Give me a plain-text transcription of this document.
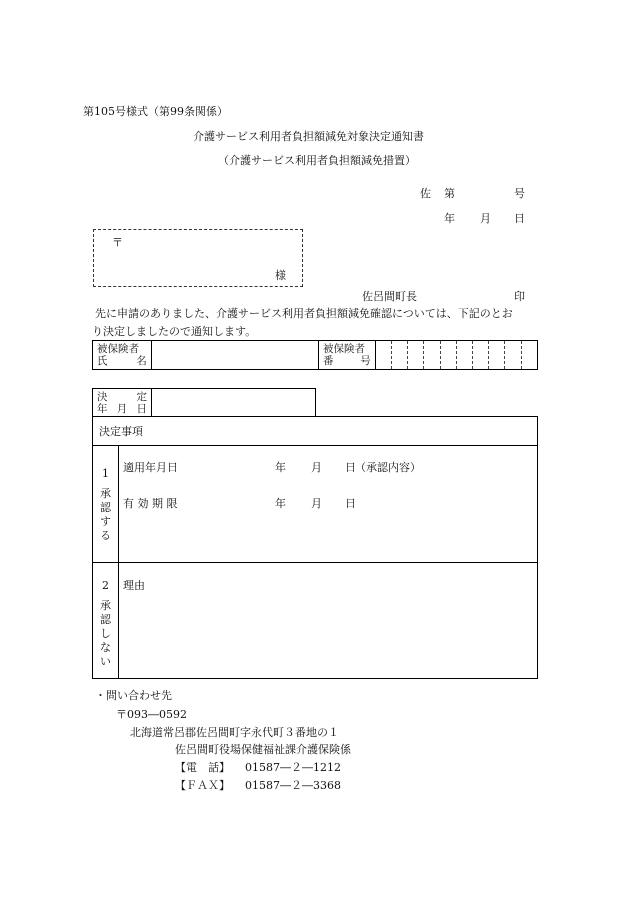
第105号様式（第99条関係）
介護サービス利用者負担額減免対象決定通知書
（介護サービス利用者負担額減免措置）
佐 第	号
年 月 日
〒
様
佐呂間町長	印
先に申請のありました、介護サービス利用者負担額減免確認については、下記のとお
り決定しましたので通知します。
被保険者
氏	名

被保険者
番	号

決	定
年 月 日

決定事項
1
承
認
す
る
適用年月日	年 月 日 （承認内容）
有 効 期 限	年 月 日
2
承
認
し
な
い
理由
・問い合わせ先
〒093―0592
北海道常呂郡佐呂間町字永代町３番地の１
佐呂間町役場保健福祉課介護保険係
【電　話】 01587―２―1212
【ＦＡＸ】 01587―２―3368
